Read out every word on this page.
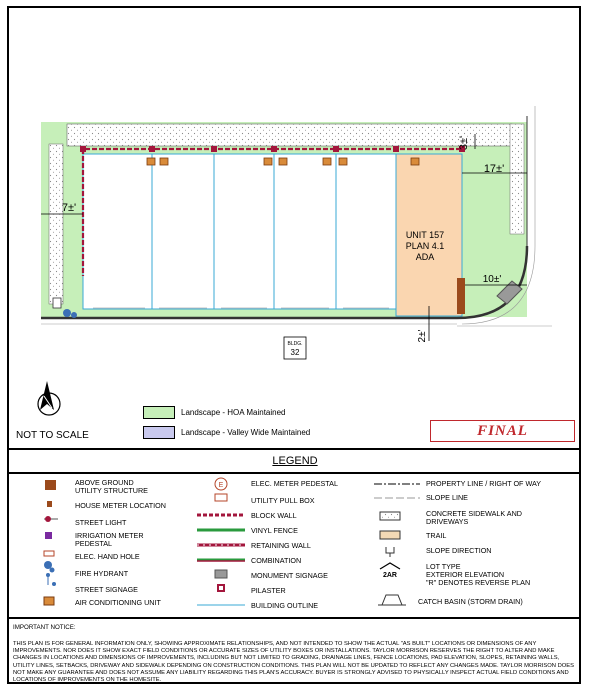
17±'
3±'
7±'
10±'
2±'
UNIT 157
PLAN 4.1
ADA
BLDG.
32
NOT TO SCALE
Landscape - HOA Maintained
Landscape - Valley Wide Maintained	FINAL
LEGEND
ABOVE GROUND
UTILITY STRUCTURE
HOUSE METER LOCATION
STREET LIGHT
IRRIGATION METER
PEDESTAL
ELEC. HAND HOLE
FIRE HYDRANT
STREET SIGNAGE
AIR CONDITIONING UNIT
E	ELEC. METER PEDESTAL
UTILITY PULL BOX
BLOCK WALL
VINYL FENCE
RETAINING WALL
COMBINATION
MONUMENT SIGNAGE
PILASTER
BUILDING OUTLINE
2AR
PROPERTY LINE / RIGHT OF WAY
SLOPE LINE
CONCRETE SIDEWALK AND
DRIVEWAYS
TRAIL
SLOPE DIRECTION
LOT TYPE
EXTERIOR ELEVATION
"R" DENOTES REVERSE PLAN
CATCH BASIN (STORM DRAIN)
IMPORTANT NOTICE:
THIS PLAN IS FOR GENERAL INFORMATION ONLY, SHOWING APPROXIMATE RELATIONSHIPS, AND NOT INTENDED TO SHOW THE ACTUAL "AS BUILT" LOCATIONS OR DIMENSIONS OF ANY IMPROVEMENTS. NOR DOES IT SHOW EXACT FIELD CONDITIONS OR ACCURATE SIZES OF UTILITY BOXES OR INSTALLATIONS. TAYLOR MORRISON RESERVES THE RIGHT TO ALTER AND MAKE CHANGES IN LOCATIONS AND DIMENSIONS OF IMPROVEMENTS, INCLUDING BUT NOT LIMITED TO GRADING, DRAINAGE LINES, FENCE LOCATIONS, PAD ELEVATION, SLOPES, RETAINING WALLS, UTILITY LINES, SETBACKS, DRIVEWAY AND SIDEWALK DEPENDING ON CONSTRUCTION CONDITIONS. THIS PLAN WILL NOT BE UPDATED TO REFLECT ANY CHANGES MADE. TAYLOR MORRISON DOES NOT MAKE ANY GUARANTEE AND DOES NOT ASSUME ANY LIABILITY REGARDING THIS PLAN'S ACCURACY. BUYER IS STRONGLY ADVISED TO PHYSICALLY INSPECT ACTUAL FIELD CONDITIONS AND LOCATIONS OF IMPROVEMENTS ON THE HOMESITE.
